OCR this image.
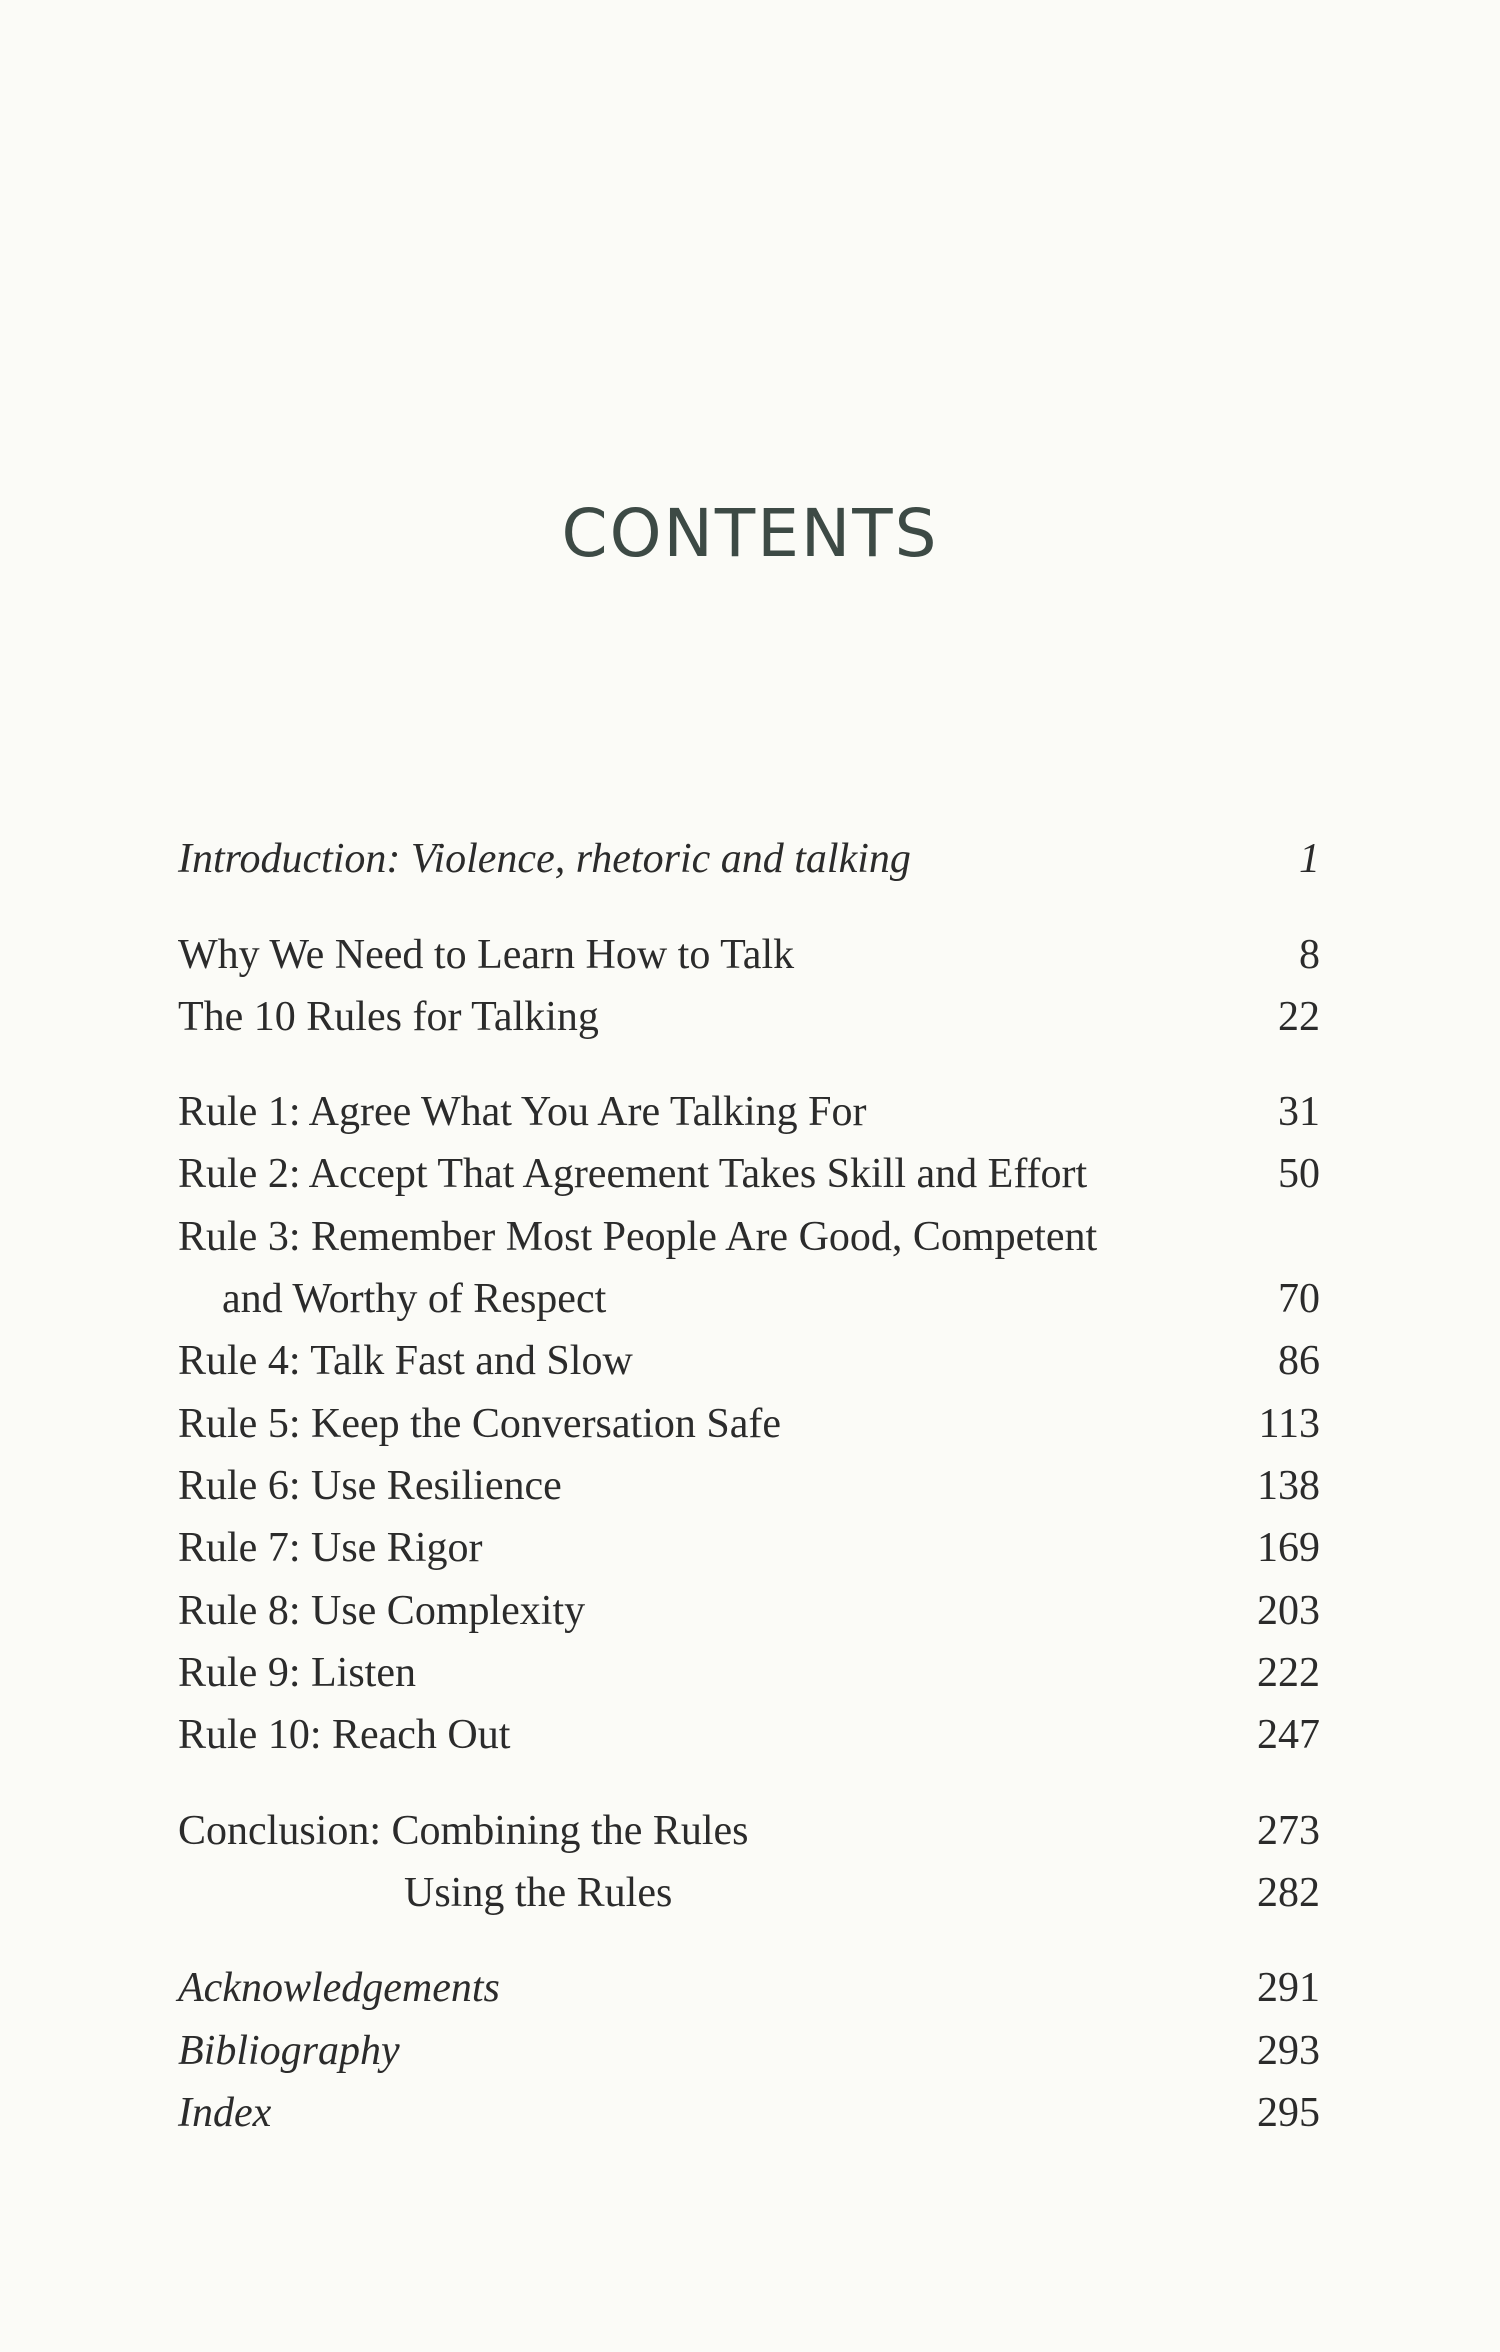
CONTENTS
Introduction: Violence, rhetoric and talking	1
Why We Need to Learn How to Talk	8
The 10 Rules for Talking	22
Rule 1: Agree What You Are Talking For	31
Rule 2: Accept That Agreement Takes Skill and Effort	50
Rule 3: Remember Most People Are Good, Competent
and Worthy of Respect	70
Rule 4: Talk Fast and Slow	86
Rule 5: Keep the Conversation Safe	113
Rule 6: Use Resilience	138
Rule 7: Use Rigor	169
Rule 8: Use Complexity	203
Rule 9: Listen	222
Rule 10: Reach Out	247
Conclusion: Combining the Rules	273
Using the Rules	282
Acknowledgements	291
Bibliography	293
Index	295
